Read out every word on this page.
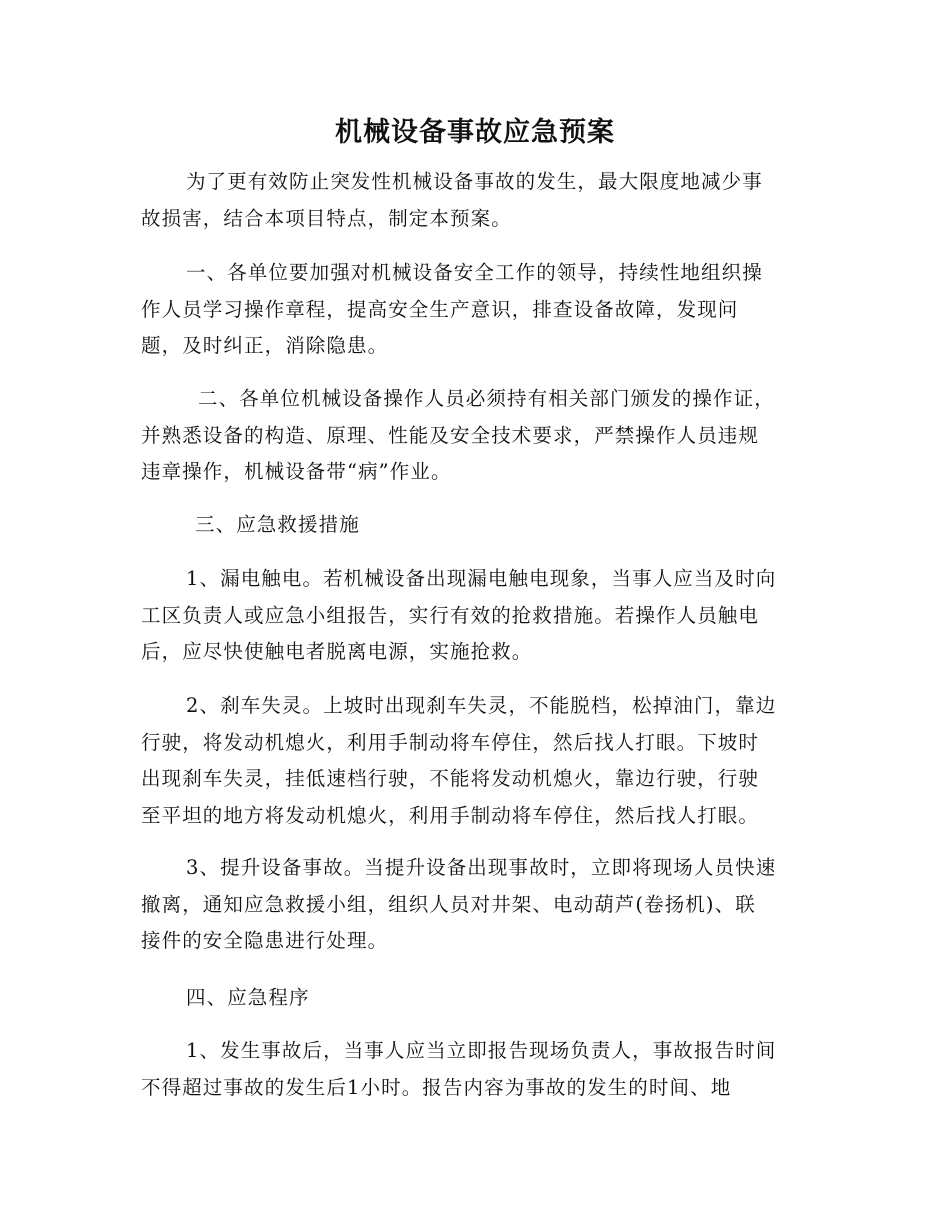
机械设备事故应急预案

为了更有效防止突发性机械设备事故的发生，最大限度地减少事
故损害，结合本项目特点，制定本预案。

一、各单位要加强对机械设备安全工作的领导，持续性地组织操
作人员学习操作章程，提高安全生产意识，排查设备故障，发现问
题，及时纠正，消除隐患。

二、各单位机械设备操作人员必须持有相关部门颁发的操作证，
并熟悉设备的构造、原理、性能及安全技术要求，严禁操作人员违规
违章操作，机械设备带“病”作业。

三、应急救援措施

1、漏电触电。若机械设备出现漏电触电现象，当事人应当及时向
工区负责人或应急小组报告，实行有效的抢救措施。若操作人员触电
后，应尽快使触电者脱离电源，实施抢救。

2、刹车失灵。上坡时出现刹车失灵，不能脱档，松掉油门，靠边
行驶，将发动机熄火，利用手制动将车停住，然后找人打眼。下坡时
出现刹车失灵，挂低速档行驶，不能将发动机熄火，靠边行驶，行驶
至平坦的地方将发动机熄火，利用手制动将车停住，然后找人打眼。

3、提升设备事故。当提升设备出现事故时，立即将现场人员快速
撤离，通知应急救援小组，组织人员对井架、电动葫芦(卷扬机)、联
接件的安全隐患进行处理。

四、应急程序

1、发生事故后，当事人应当立即报告现场负责人，事故报告时间
不得超过事故的发生后1小时。报告内容为事故的发生的时间、地
